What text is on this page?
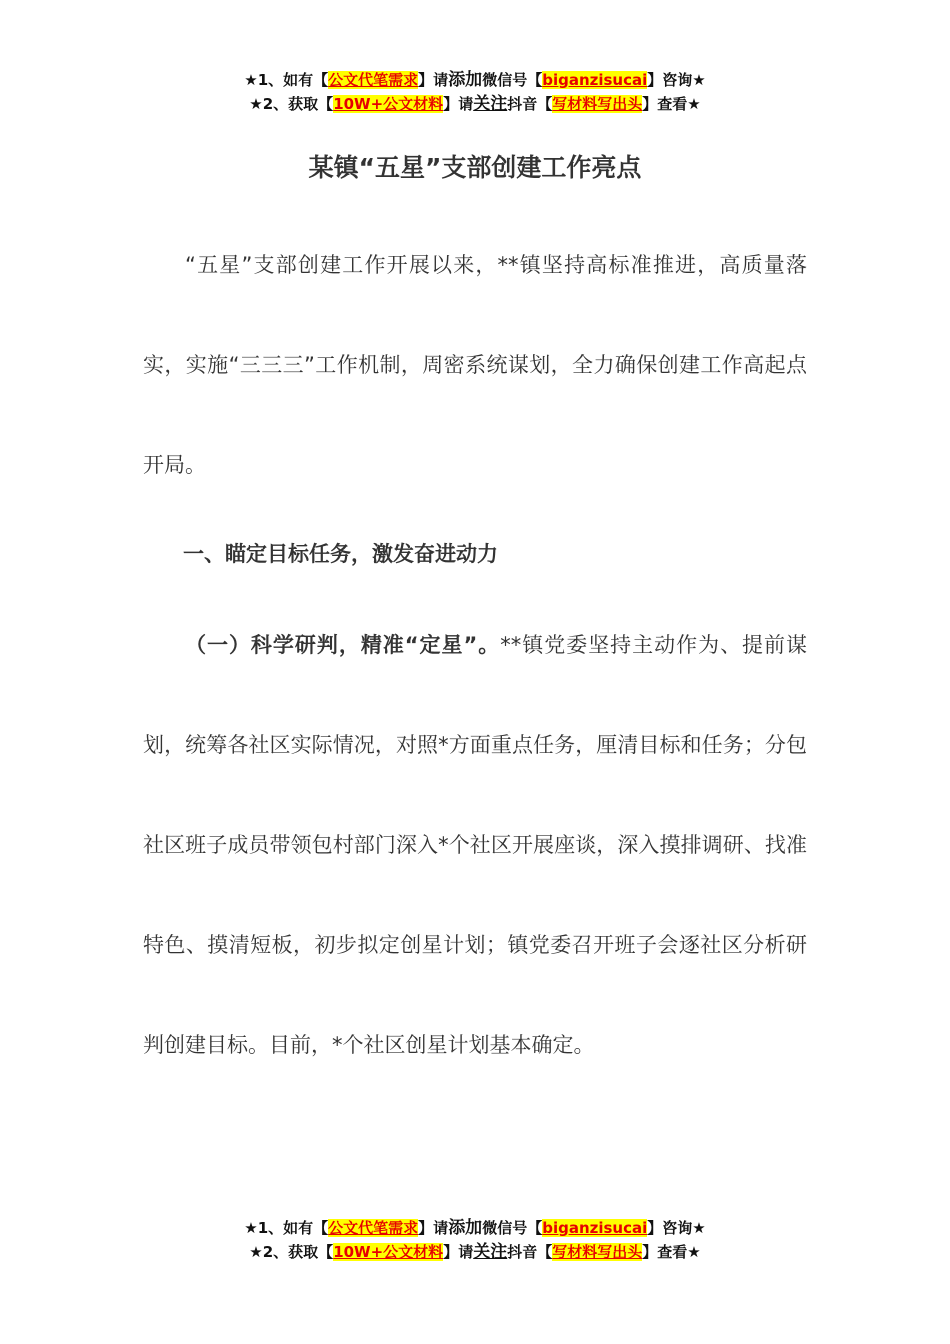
★1、如有【公文代笔需求】请添加微信号【biganzisucai】咨询★
★2、获取【10W+公文材料】请关注抖音【写材料写出头】查看★
某镇“五星”支部创建工作亮点

“五星”支部创建工作开展以来，**镇坚持高标准推进，高质量落实，实施“三三三”工作机制，周密系统谋划，全力确保创建工作高起点开局。

一、瞄定目标任务，激发奋进动力

（一）科学研判，精准“定星”。**镇党委坚持主动作为、提前谋划，统筹各社区实际情况，对照*方面重点任务，厘清目标和任务；分包社区班子成员带领包村部门深入*个社区开展座谈，深入摸排调研、找准特色、摸清短板，初步拟定创星计划；镇党委召开班子会逐社区分析研判创建目标。目前，*个社区创星计划基本确定。

★1、如有【公文代笔需求】请添加微信号【biganzisucai】咨询★
★2、获取【10W+公文材料】请关注抖音【写材料写出头】查看★
